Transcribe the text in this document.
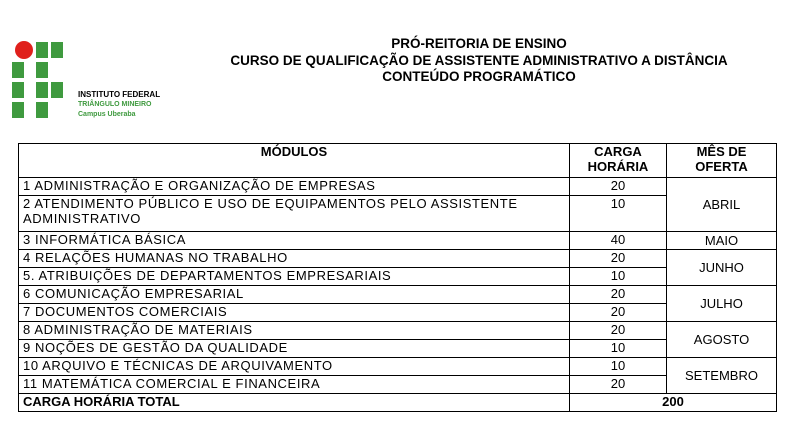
INSTITUTO FEDERAL
TRIÂNGULO MINEIRO
Campus Uberaba
PRÓ-REITORIA DE ENSINO
CURSO DE QUALIFICAÇÃO DE ASSISTENTE ADMINISTRATIVO A DISTÂNCIA
CONTEÚDO PROGRAMÁTICO
MÓDULOS	CARGA HORÁRIA	MÊS DE OFERTA
1 ADMINISTRAÇÃO E ORGANIZAÇÃO DE EMPRESAS	20	ABRIL
2 ATENDIMENTO PÚBLICO E USO DE EQUIPAMENTOS PELO ASSISTENTE ADMINISTRATIVO	10	
3 INFORMÁTICA BÁSICA	40	MAIO
4 RELAÇÕES HUMANAS NO TRABALHO	20	JUNHO
5. ATRIBUIÇÕES DE DEPARTAMENTOS EMPRESARIAIS	10	
6 COMUNICAÇÃO EMPRESARIAL	20	JULHO
7 DOCUMENTOS COMERCIAIS	20	
8 ADMINISTRAÇÃO DE MATERIAIS	20	AGOSTO
9 NOÇÕES DE GESTÃO DA QUALIDADE	10	
10 ARQUIVO E TÉCNICAS DE ARQUIVAMENTO	10	SETEMBRO
11 MATEMÁTICA COMERCIAL E FINANCEIRA	20	
CARGA HORÁRIA TOTAL	200	
